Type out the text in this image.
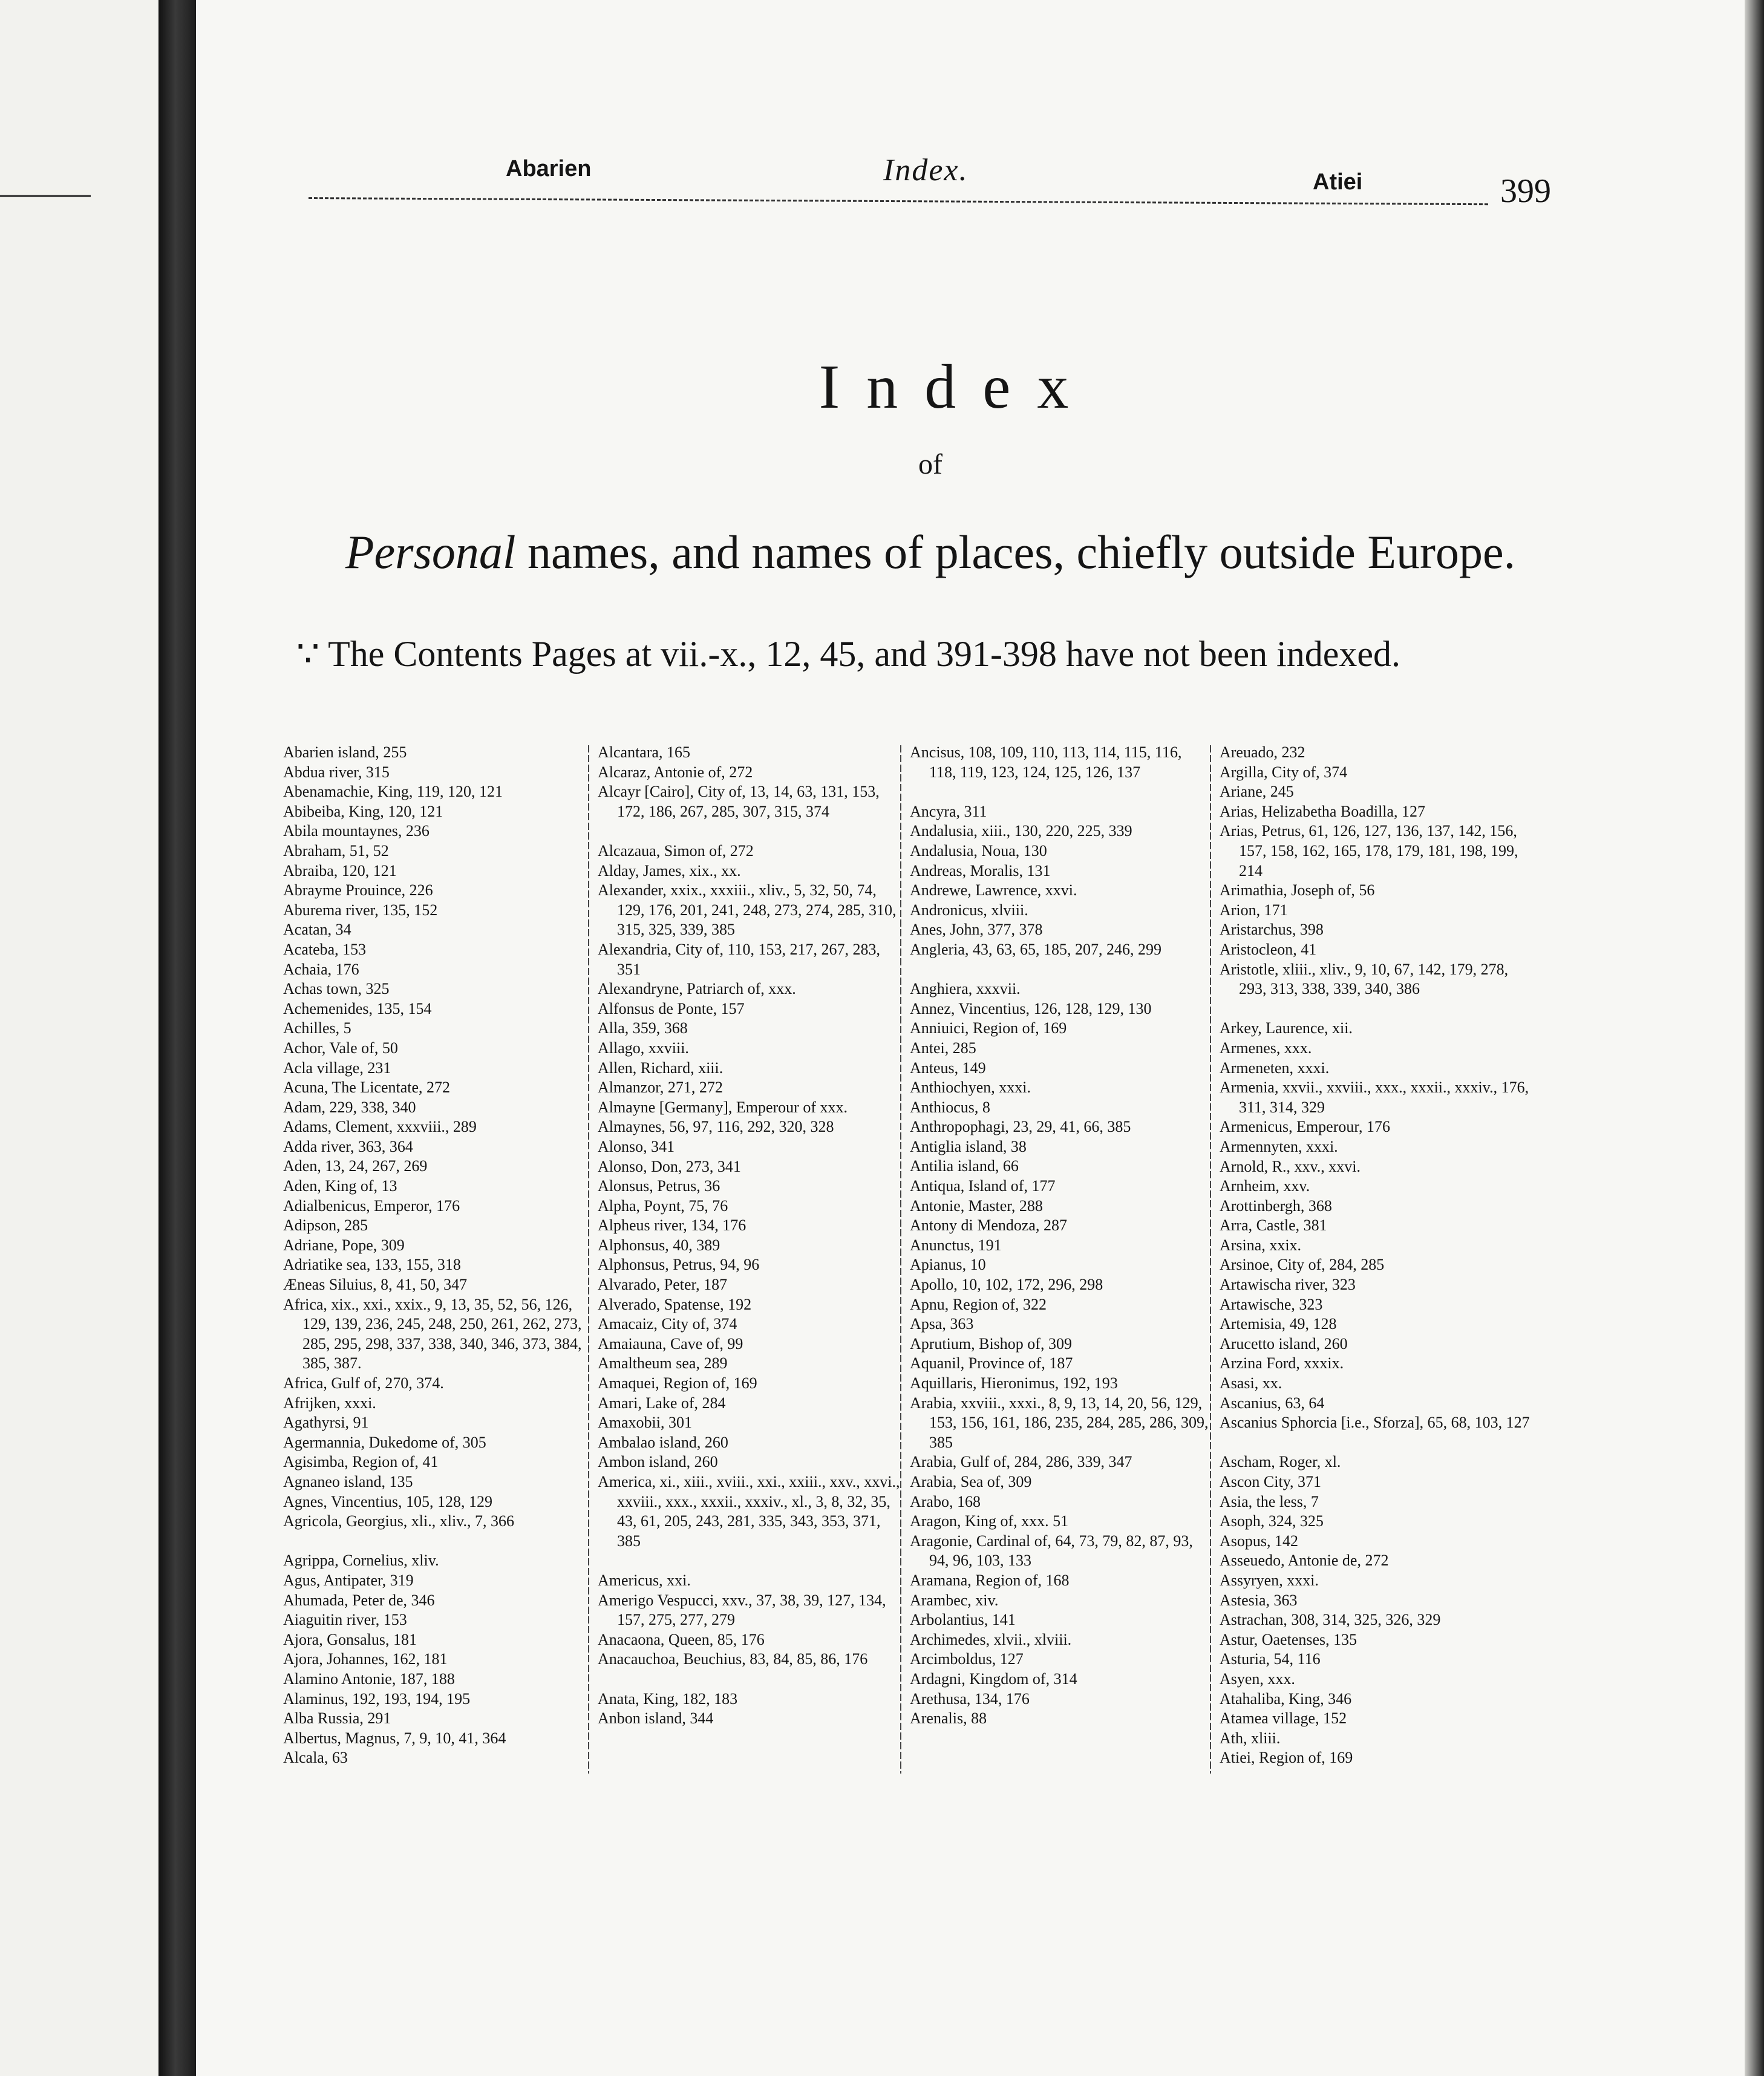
Abarien	Index.	Atiei	399
Index
of
Personal names, and names of places, chiefly outside Europe.
∵ The Contents Pages at vii.-x., 12, 45, and 391-398 have not been indexed.
Abarien island, 255
Abdua river, 315
Abenamachie, King, 119, 120, 121
Abibeiba, King, 120, 121
Abila mountaynes, 236
Abraham, 51, 52
Abraiba, 120, 121
Abrayme Prouince, 226
Aburema river, 135, 152
Acatan, 34
Acateba, 153
Achaia, 176
Achas town, 325
Achemenides, 135, 154
Achilles, 5
Achor, Vale of, 50
Acla village, 231
Acuna, The Licentate, 272
Adam, 229, 338, 340
Adams, Clement, xxxviii., 289
Adda river, 363, 364
Aden, 13, 24, 267, 269
Aden, King of, 13
Adialbenicus, Emperor, 176
Adipson, 285
Adriane, Pope, 309
Adriatike sea, 133, 155, 318
Æneas Siluius, 8, 41, 50, 347
Africa, xix., xxi., xxix., 9, 13, 35, 52, 56, 126, 129, 139, 236, 245, 248, 250, 261, 262, 273, 285, 295, 298, 337, 338, 340, 346, 373, 384, 385, 387.
Africa, Gulf of, 270, 374.
Afrijken, xxxi.
Agathyrsi, 91
Agermannia, Dukedome of, 305
Agisimba, Region of, 41
Agnaneo island, 135
Agnes, Vincentius, 105, 128, 129
Agricola, Georgius, xli., xliv., 7, 366
Agrippa, Cornelius, xliv.
Agus, Antipater, 319
Ahumada, Peter de, 346
Aiaguitin river, 153
Ajora, Gonsalus, 181
Ajora, Johannes, 162, 181
Alamino Antonie, 187, 188
Alaminus, 192, 193, 194, 195
Alba Russia, 291
Albertus, Magnus, 7, 9, 10, 41, 364
Alcala, 63
Alcantara, 165
Alcaraz, Antonie of, 272
Alcayr [Cairo], City of, 13, 14, 63, 131, 153, 172, 186, 267, 285, 307, 315, 374
Alcazaua, Simon of, 272
Alday, James, xix., xx.
Alexander, xxix., xxxiii., xliv., 5, 32, 50, 74, 129, 176, 201, 241, 248, 273, 274, 285, 310, 315, 325, 339, 385
Alexandria, City of, 110, 153, 217, 267, 283, 351
Alexandryne, Patriarch of, xxx.
Alfonsus de Ponte, 157
Alla, 359, 368
Allago, xxviii.
Allen, Richard, xiii.
Almanzor, 271, 272
Almayne [Germany], Emperour of xxx.
Almaynes, 56, 97, 116, 292, 320, 328
Alonso, 341
Alonso, Don, 273, 341
Alonsus, Petrus, 36
Alpha, Poynt, 75, 76
Alpheus river, 134, 176
Alphonsus, 40, 389
Alphonsus, Petrus, 94, 96
Alvarado, Peter, 187
Alverado, Spatense, 192
Amacaiz, City of, 374
Amaiauna, Cave of, 99
Amaltheum sea, 289
Amaquei, Region of, 169
Amari, Lake of, 284
Amaxobii, 301
Ambalao island, 260
Ambon island, 260
America, xi., xiii., xviii., xxi., xxiii., xxv., xxvi., xxviii., xxx., xxxii., xxxiv., xl., 3, 8, 32, 35, 43, 61, 205, 243, 281, 335, 343, 353, 371, 385
Americus, xxi.
Amerigo Vespucci, xxv., 37, 38, 39, 127, 134, 157, 275, 277, 279
Anacaona, Queen, 85, 176
Anacauchoa, Beuchius, 83, 84, 85, 86, 176
Anata, King, 182, 183
Anbon island, 344
Ancisus, 108, 109, 110, 113, 114, 115, 116, 118, 119, 123, 124, 125, 126, 137
Ancyra, 311
Andalusia, xiii., 130, 220, 225, 339
Andalusia, Noua, 130
Andreas, Moralis, 131
Andrewe, Lawrence, xxvi.
Andronicus, xlviii.
Anes, John, 377, 378
Angleria, 43, 63, 65, 185, 207, 246, 299
Anghiera, xxxvii.
Annez, Vincentius, 126, 128, 129, 130
Anniuici, Region of, 169
Antei, 285
Anteus, 149
Anthiochyen, xxxi.
Anthiocus, 8
Anthropophagi, 23, 29, 41, 66, 385
Antiglia island, 38
Antilia island, 66
Antiqua, Island of, 177
Antonie, Master, 288
Antony di Mendoza, 287
Anunctus, 191
Apianus, 10
Apollo, 10, 102, 172, 296, 298
Apnu, Region of, 322
Apsa, 363
Aprutium, Bishop of, 309
Aquanil, Province of, 187
Aquillaris, Hieronimus, 192, 193
Arabia, xxviii., xxxi., 8, 9, 13, 14, 20, 56, 129, 153, 156, 161, 186, 235, 284, 285, 286, 309, 385
Arabia, Gulf of, 284, 286, 339, 347
Arabia, Sea of, 309
Arabo, 168
Aragon, King of, xxx. 51
Aragonie, Cardinal of, 64, 73, 79, 82, 87, 93, 94, 96, 103, 133
Aramana, Region of, 168
Arambec, xiv.
Arbolantius, 141
Archimedes, xlvii., xlviii.
Arcimboldus, 127
Ardagni, Kingdom of, 314
Arethusa, 134, 176
Arenalis, 88
Areuado, 232
Argilla, City of, 374
Ariane, 245
Arias, Helizabetha Boadilla, 127
Arias, Petrus, 61, 126, 127, 136, 137, 142, 156, 157, 158, 162, 165, 178, 179, 181, 198, 199, 214
Arimathia, Joseph of, 56
Arion, 171
Aristarchus, 398
Aristocleon, 41
Aristotle, xliii., xliv., 9, 10, 67, 142, 179, 278, 293, 313, 338, 339, 340, 386
Arkey, Laurence, xii.
Armenes, xxx.
Armeneten, xxxi.
Armenia, xxvii., xxviii., xxx., xxxii., xxxiv., 176, 311, 314, 329
Armenicus, Emperour, 176
Armennyten, xxxi.
Arnold, R., xxv., xxvi.
Arnheim, xxv.
Arottinbergh, 368
Arra, Castle, 381
Arsina, xxix.
Arsinoe, City of, 284, 285
Artawischa river, 323
Artawische, 323
Artemisia, 49, 128
Arucetto island, 260
Arzina Ford, xxxix.
Asasi, xx.
Ascanius, 63, 64
Ascanius Sphorcia [i.e., Sforza], 65, 68, 103, 127
Ascham, Roger, xl.
Ascon City, 371
Asia, the less, 7
Asoph, 324, 325
Asopus, 142
Asseuedo, Antonie de, 272
Assyryen, xxxi.
Astesia, 363
Astrachan, 308, 314, 325, 326, 329
Astur, Oaetenses, 135
Asturia, 54, 116
Asyen, xxx.
Atahaliba, King, 346
Atamea village, 152
Ath, xliii.
Atiei, Region of, 169
